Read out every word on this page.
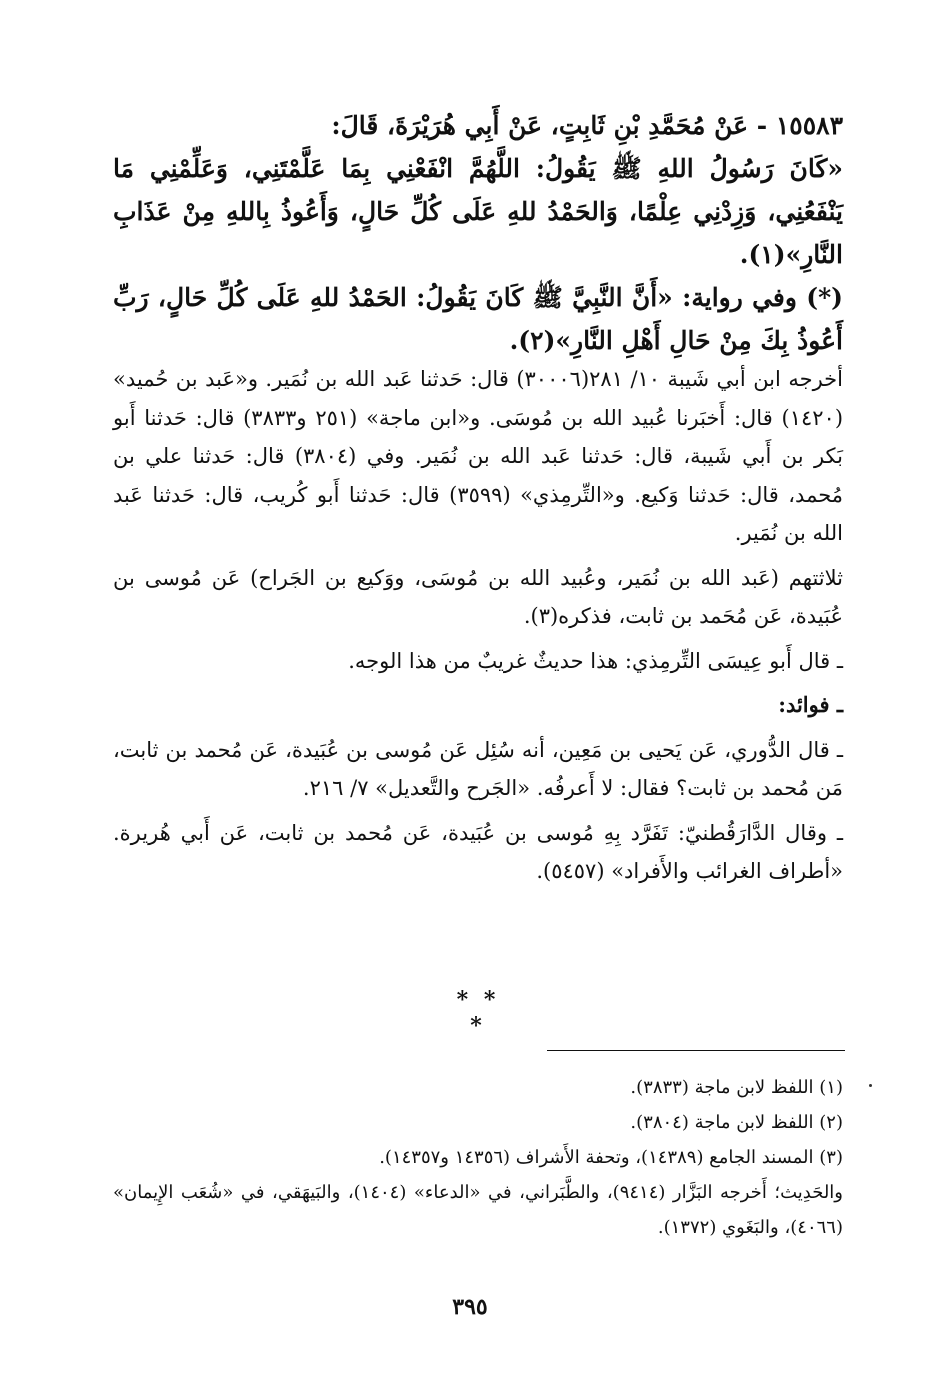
١٥٥٨٣ - عَنْ مُحَمَّدِ بْنِ ثَابِتٍ، عَنْ أَبِي هُرَيْرَةَ، قَالَ:
«كَانَ رَسُولُ اللهِ ﷺ يَقُولُ: اللَّهُمَّ انْفَعْنِي بِمَا عَلَّمْتَنِي، وَعَلِّمْنِي مَا يَنْفَعُنِي، وَزِدْنِي عِلْمًا، وَالحَمْدُ للهِ عَلَى كُلِّ حَالٍ، وَأَعُوذُ بِاللهِ مِنْ عَذَابِ النَّارِ»(١).
(*) وفي رواية: «أَنَّ النَّبِيَّ ﷺ كَانَ يَقُولُ: الحَمْدُ للهِ عَلَى كُلِّ حَالٍ، رَبِّ أَعُوذُ بِكَ مِنْ حَالِ أَهْلِ النَّارِ»(٢).
أخرجه ابن أبي شَيبة ١٠/ ٢٨١(٣٠٠٠٦) قال: حَدثنا عَبد الله بن نُمَير. و«عَبد بن حُميد» (١٤٢٠) قال: أَخبَرنا عُبيد الله بن مُوسَى. و«ابن ماجة» (٢٥١ و٣٨٣٣) قال: حَدثنا أَبو بَكر بن أَبي شَيبة، قال: حَدثنا عَبد الله بن نُمَير. وفي (٣٨٠٤) قال: حَدثنا علي بن مُحمد، قال: حَدثنا وَكيع. و«التِّرمِذي» (٣٥٩٩) قال: حَدثنا أَبو كُريب، قال: حَدثنا عَبد الله بن نُمَير.
ثلاثتهم (عَبد الله بن نُمَير، وعُبيد الله بن مُوسَى، ووَكيع بن الجَراح) عَن مُوسى بن عُبَيدة، عَن مُحَمد بن ثابت، فذكره(٣).
ـ قال أَبو عِيسَى التِّرمِذي: هذا حديثٌ غريبٌ من هذا الوجه.
ـ فوائد:
ـ قال الدُّوري، عَن يَحيى بن مَعِين، أنه سُئِل عَن مُوسى بن عُبَيدة، عَن مُحمد بن ثابت، مَن مُحمد بن ثابت؟ فقال: لا أَعرفُه. «الجَرح والتَّعديل» ٧/ ٢١٦.
ـ وقال الدَّارَقُطنيّ: تَفَرَّد بِهِ مُوسى بن عُبَيدة، عَن مُحمد بن ثابت، عَن أَبي هُريرة. «أطراف الغرائب والأَفراد» (٥٤٥٧).
* * *
(١) اللفظ لابن ماجة (٣٨٣٣).
(٢) اللفظ لابن ماجة (٣٨٠٤).
(٣) المسند الجامع (١٤٣٨٩)، وتحفة الأَشراف (١٤٣٥٦ و١٤٣٥٧).
والحَدِيث؛ أَخرجه البَزَّار (٩٤١٤)، والطَّبَراني، في «الدعاء» (١٤٠٤)، والبَيهَقي، في «شُعَب الإِيمان» (٤٠٦٦)، والبَغَوي (١٣٧٢).
٣٩٥
